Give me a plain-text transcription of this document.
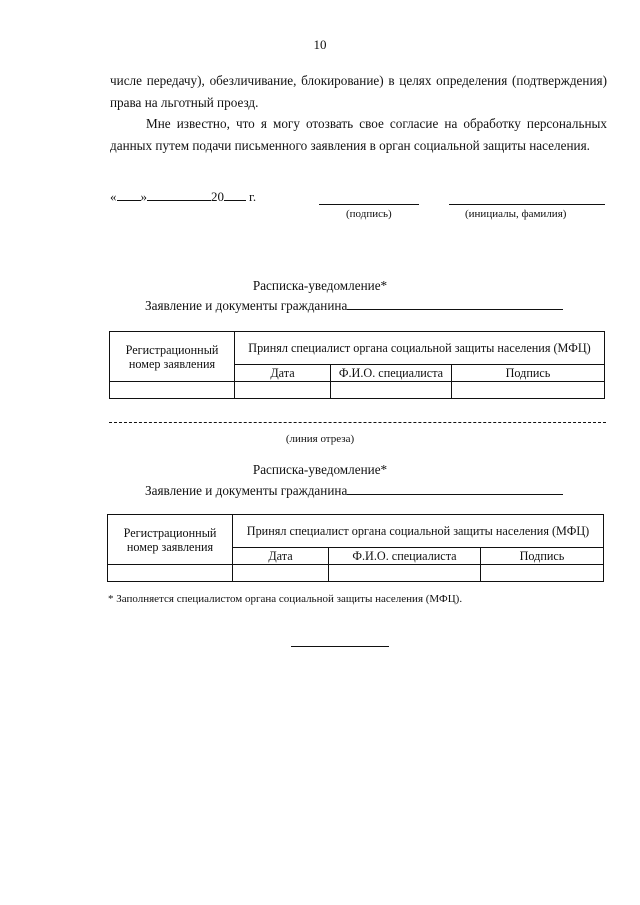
10
числе передачу), обезличивание, блокирование) в целях определения (подтверждения) права на льготный проезд.
Мне известно, что я могу отозвать свое согласие на обработку персональных данных путем подачи письменного заявления в орган социальной защиты населения.
« »	20 г.
(подпись)	(инициалы, фамилия)
Расписка-уведомление*
Заявление и документы гражданина
Регистрационный номер заявления	Принял специалист органа социальной защиты населения (МФЦ)		
	Дата	Ф.И.О. специалиста	Подпись

(линия отреза)
Расписка-уведомление*
Заявление и документы гражданина
Регистрационный номер заявления	Принял специалист органа социальной защиты населения (МФЦ)		
	Дата	Ф.И.О. специалиста	Подпись

* Заполняется специалистом органа социальной защиты населения (МФЦ).
